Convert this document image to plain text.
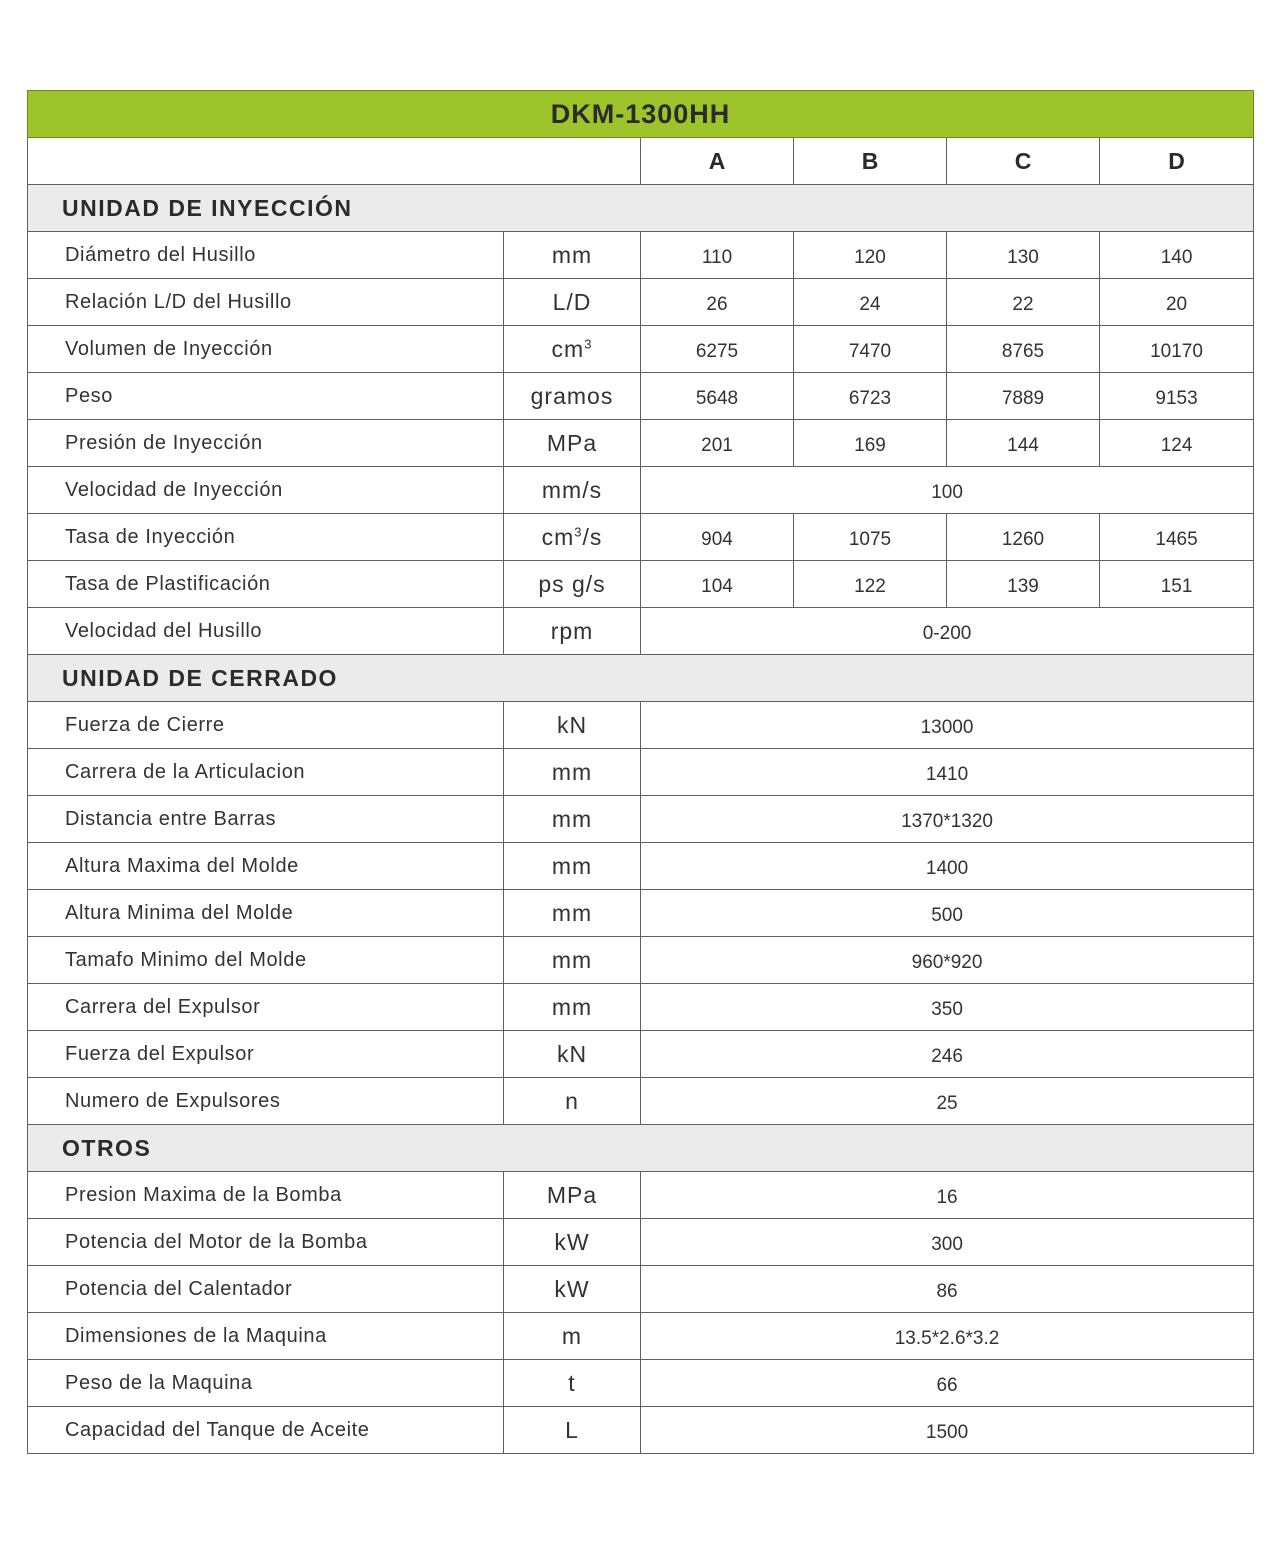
DKM-1300HH					
		A	B	C	D
UNIDAD DE INYECCIÓN					
Diámetro del Husillo	mm	110	120	130	140
Relación L/D del Husillo	L/D	26	24	22	20
Volumen de Inyección	$cm^3$	6275	7470	8765	10170
Peso	gramos	5648	6723	7889	9153
Presión de Inyección	MPa	201	169	144	124
Velocidad de Inyección	mm/s	100			
Tasa de Inyección	$cm^3/s$	904	1075	1260	1465
Tasa de Plastificación	ps g/s	104	122	139	151
Velocidad del Husillo	rpm	0-200			
UNIDAD DE CERRADO					
Fuerza de Cierre	kN	13000			
Carrera de la Articulacion	mm	1410			
Distancia entre Barras	mm	1370*1320			
Altura Maxima del Molde	mm	1400			
Altura Minima del Molde	mm	500			
Tamafo Minimo del Molde	mm	960*920			
Carrera del Expulsor	mm	350			
Fuerza del Expulsor	kN	246			
Numero de Expulsores	n	25			
OTROS					
Presion Maxima de la Bomba	MPa	16			
Potencia del Motor de la Bomba	kW	300			
Potencia del Calentador	kW	86			
Dimensiones de la Maquina	m	13.5*2.6*3.2			
Peso de la Maquina	t	66			
Capacidad del Tanque de Aceite	L	1500			
